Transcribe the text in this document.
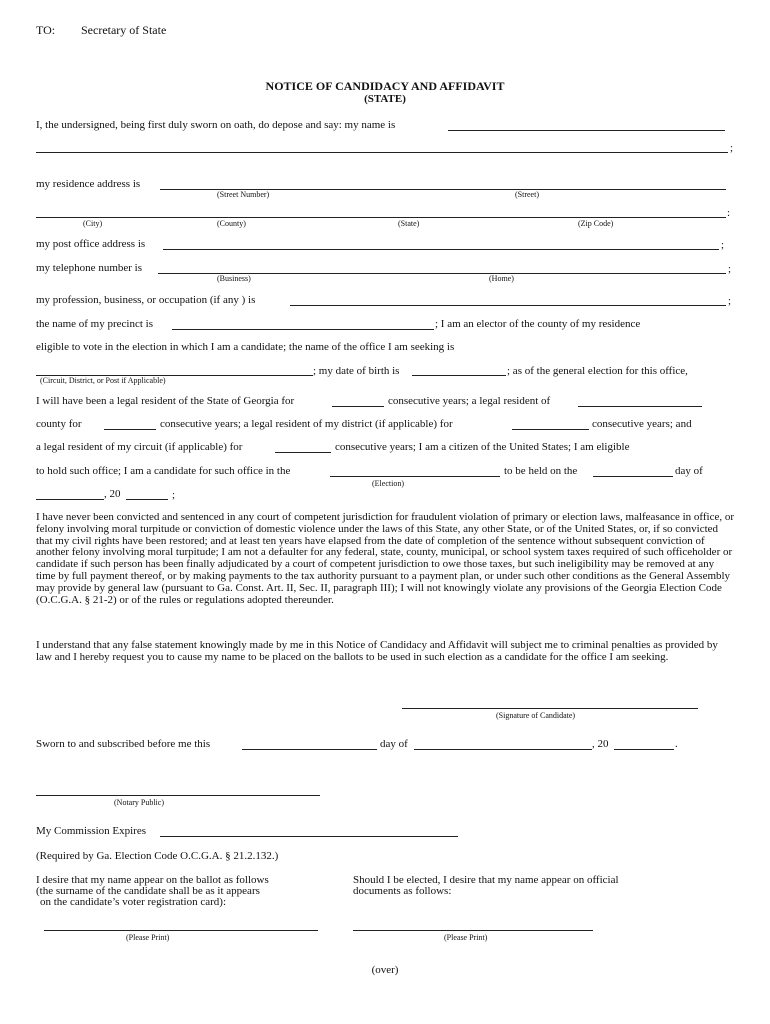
TO: Secretary of State
NOTICE OF CANDIDACY AND AFFIDAVIT
(STATE)
I, the undersigned, being first duly sworn on oath, do depose and say: my name is
;
my residence address is
(Street Number)	(Street)
:
(City)	(County)	(State)	(Zip Code)
my post office address is	;
my telephone number is	;
(Business)	(Home)
my profession, business, or occupation (if any ) is	;
the name of my precinct is	; I am an elector of the county of my residence
eligible to vote in the election in which I am a candidate; the name of the office I am seeking is
; my date of birth is	; as of the general election for this office,
(Circuit, District, or Post if Applicable)
I will have been a legal resident of the State of Georgia for	consecutive years; a legal resident of
county for	consecutive years; a legal resident of my district (if applicable) for	consecutive years; and
a legal resident of my circuit (if applicable) for	consecutive years; I am a citizen of the United States; I am eligible
to hold such office; I am a candidate for such office in the	to be held on the	day of
(Election)
, 20	;
I have never been convicted and sentenced in any court of competent jurisdiction for fraudulent violation of primary or election laws, malfeasance in office, or felony involving moral turpitude or conviction of domestic violence under the laws of this State, any other State, or of the United States, or, if so convicted that my civil rights have been restored; and at least ten years have elapsed from the date of completion of the sentence without subsequent conviction of another felony involving moral turpitude; I am not a defaulter for any federal, state, county, municipal, or school system taxes required of such officeholder or candidate if such person has been finally adjudicated by a court of competent jurisdiction to owe those taxes, but such ineligibility may be removed at any time by full payment thereof, or by making payments to the tax authority pursuant to a payment plan, or under such other conditions as the General Assembly may provide by general law (pursuant to Ga. Const. Art. II, Sec. II, paragraph III); I will not knowingly violate any provisions of the Georgia Election Code (O.C.G.A. § 21-2) or of the rules or regulations adopted thereunder.
I understand that any false statement knowingly made by me in this Notice of Candidacy and Affidavit will subject me to criminal penalties as provided by law and I hereby request you to cause my name to be placed on the ballots to be used in such election as a candidate for the office I am seeking.
(Signature of Candidate)
Sworn to and subscribed before me this	day of	, 20	.
(Notary Public)
My Commission Expires
(Required by Ga. Election Code O.C.G.A. § 21.2.132.)
I desire that my name appear on the ballot as follows
(the surname of the candidate shall be as it appears
on the candidate’s voter registration card):
(Please Print)
Should I be elected, I desire that my name appear on official
documents as follows:
(Please Print)
(over)
